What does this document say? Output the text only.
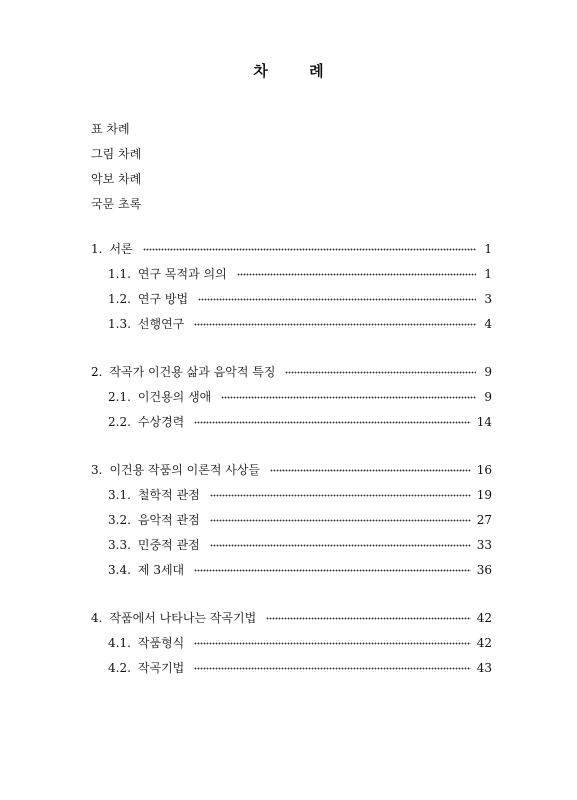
차 례
표 차례
그림 차례
악보 차례
국문 초록
1. 서론	1
1.1. 연구 목적과 의의	1
1.2. 연구 방법	3
1.3. 선행연구	4
2. 작곡가 이건용 삶과 음악적 특징	9
2.1. 이건용의 생애	9
2.2. 수상경력	14
3. 이건용 작품의 이론적 사상들	16
3.1. 철학적 관점	19
3.2. 음악적 관점	27
3.3. 민중적 관점	33
3.4. 제 3세대	36
4. 작품에서 나타나는 작곡기법	42
4.1. 작품형식	42
4.2. 작곡기법	43
